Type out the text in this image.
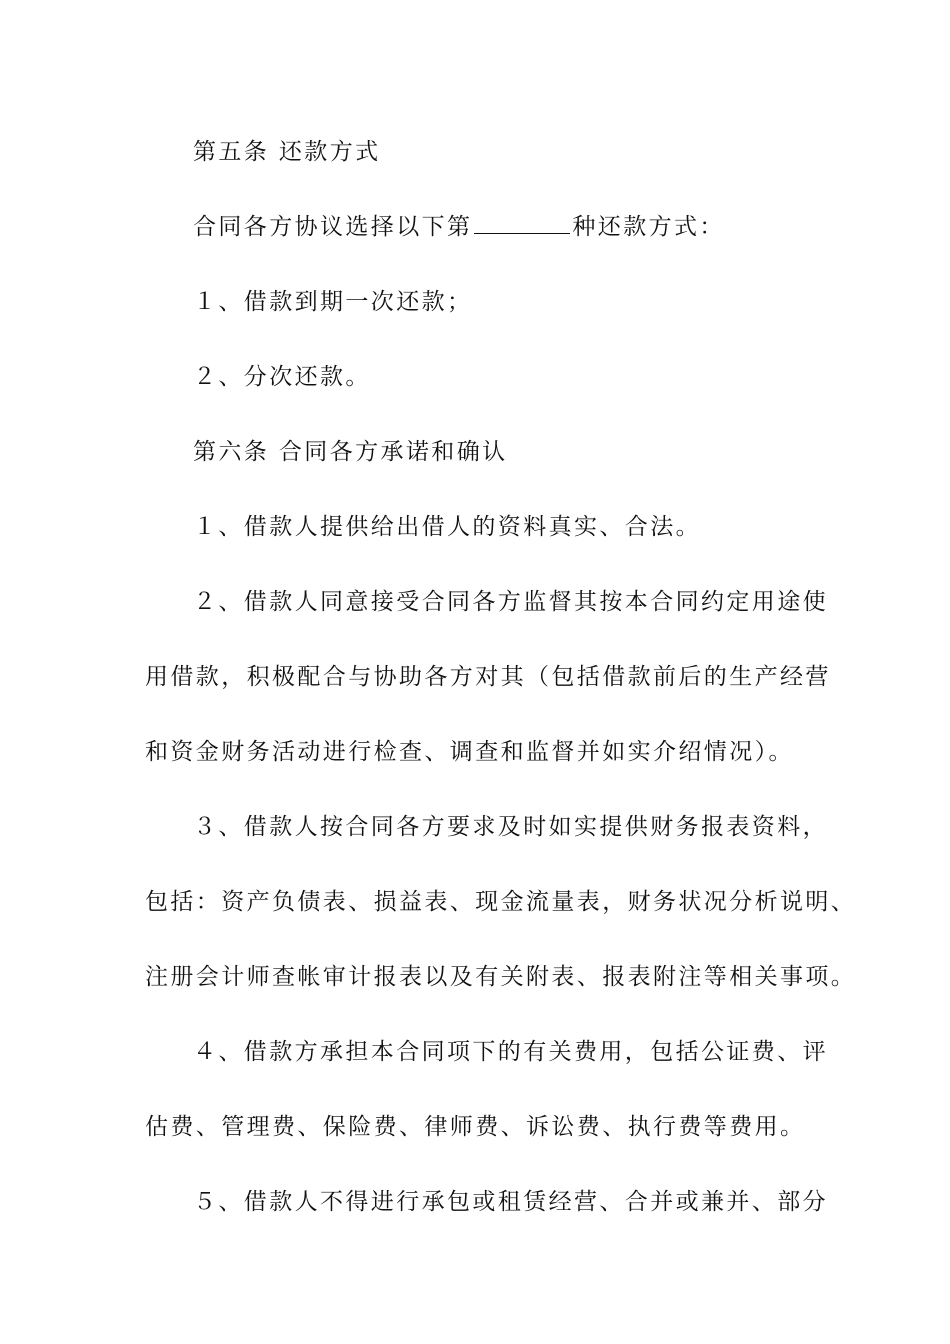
第五条 还款方式
合同各方协议选择以下第	种还款方式：
１、借款到期一次还款；
２、分次还款。
第六条 合同各方承诺和确认
１、借款人提供给出借人的资料真实、合法。
２、借款人同意接受合同各方监督其按本合同约定用途使
用借款，积极配合与协助各方对其（包括借款前后的生产经营
和资金财务活动进行检查、调查和监督并如实介绍情况）。
３、借款人按合同各方要求及时如实提供财务报表资料，
包括：资产负债表、损益表、现金流量表，财务状况分析说明、
注册会计师查帐审计报表以及有关附表、报表附注等相关事项。
４、借款方承担本合同项下的有关费用，包括公证费、评
估费、管理费、保险费、律师费、诉讼费、执行费等费用。
５、借款人不得进行承包或租赁经营、合并或兼并、部分
